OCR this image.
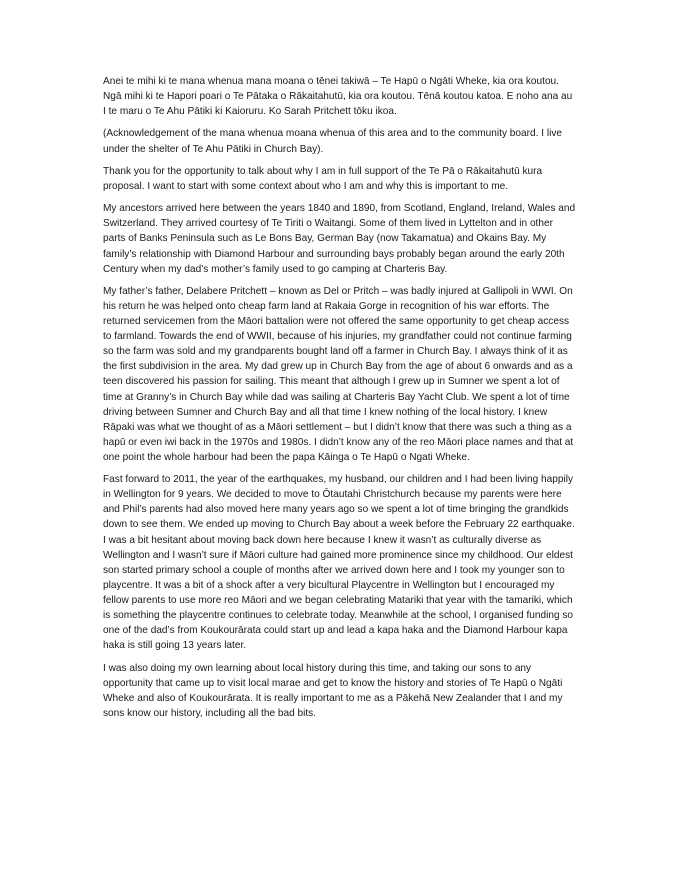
Anei te mihi ki te mana whenua mana moana o tēnei takiwā – Te Hapū o Ngāti Wheke, kia ora koutou. Ngā mihi ki te Hapori poari o Te Pātaka o Rākaitahutū, kia ora koutou. Tēnā koutou katoa. E noho ana au I te maru o Te Ahu Pātiki ki Kaioruru. Ko Sarah Pritchett tōku ikoa.

(Acknowledgement of the mana whenua moana whenua of this area and to the community board. I live under the shelter of Te Ahu Pātiki in Church Bay).

Thank you for the opportunity to talk about why I am in full support of the Te Pā o Rākaitahutū kura proposal. I want to start with some context about who I am and why this is important to me.

My ancestors arrived here between the years 1840 and 1890, from Scotland, England, Ireland, Wales and Switzerland. They arrived courtesy of Te Tiriti o Waitangi. Some of them lived in Lyttelton and in other parts of Banks Peninsula such as Le Bons Bay, German Bay (now Takamatua) and Okains Bay. My family’s relationship with Diamond Harbour and surrounding bays probably began around the early 20th Century when my dad’s mother’s family used to go camping at Charteris Bay.

My father’s father, Delabere Pritchett – known as Del or Pritch – was badly injured at Gallipoli in WWI. On his return he was helped onto cheap farm land at Rakaia Gorge in recognition of his war efforts. The returned servicemen from the Māori battalion were not offered the same opportunity to get cheap access to farmland. Towards the end of WWII, because of his injuries, my grandfather could not continue farming so the farm was sold and my grandparents bought land off a farmer in Church Bay. I always think of it as the first subdivision in the area. My dad grew up in Church Bay from the age of about 6 onwards and as a teen discovered his passion for sailing. This meant that although I grew up in Sumner we spent a lot of time at Granny’s in Church Bay while dad was sailing at Charteris Bay Yacht Club. We spent a lot of time driving between Sumner and Church Bay and all that time I knew nothing of the local history. I knew Rāpaki was what we thought of as a Māori settlement – but I didn’t know that there was such a thing as a hapū or even iwi back in the 1970s and 1980s. I didn’t know any of the reo Māori place names and that at one point the whole harbour had been the papa Kāinga o Te Hapū o Ngati Wheke.

Fast forward to 2011, the year of the earthquakes, my husband, our children and I had been living happily in Wellington for 9 years. We decided to move to Ōtautahi Christchurch because my parents were here and Phil’s parents had also moved here many years ago so we spent a lot of time bringing the grandkids down to see them. We ended up moving to Church Bay about a week before the February 22 earthquake. I was a bit hesitant about moving back down here because I knew it wasn’t as culturally diverse as Wellington and I wasn’t sure if Māori culture had gained more prominence since my childhood. Our eldest son started primary school a couple of months after we arrived down here and I took my younger son to playcentre. It was a bit of a shock after a very bicultural Playcentre in Wellington but I encouraged my fellow parents to use more reo Māori and we began celebrating Matariki that year with the tamariki, which is something the playcentre continues to celebrate today. Meanwhile at the school, I organised funding so one of the dad’s from Koukourārata could start up and lead a kapa haka and the Diamond Harbour kapa haka is still going 13 years later.

I was also doing my own learning about local history during this time, and taking our sons to any opportunity that came up to visit local marae and get to know the history and stories of Te Hapū o Ngāti Wheke and also of Koukourārata. It is really important to me as a Pākehā New Zealander that I and my sons know our history, including all the bad bits.
